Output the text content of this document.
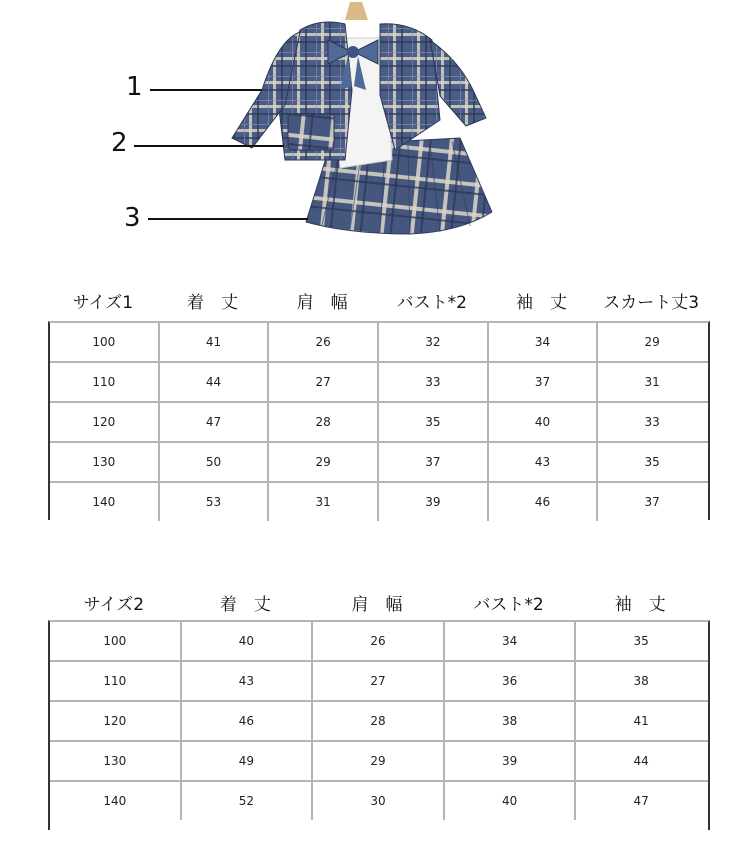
1
2
3
サイズ1	着　丈	肩　幅	バスト*2	袖　丈	スカート丈3
100	41	26	32	34	29
110	44	27	33	37	31
120	47	28	35	40	33
130	50	29	37	43	35
140	53	31	39	46	37
サイズ2	着　丈	肩　幅	バスト*2	袖　丈
100	40	26	34	35
110	43	27	36	38
120	46	28	38	41
130	49	29	39	44
140	52	30	40	47
